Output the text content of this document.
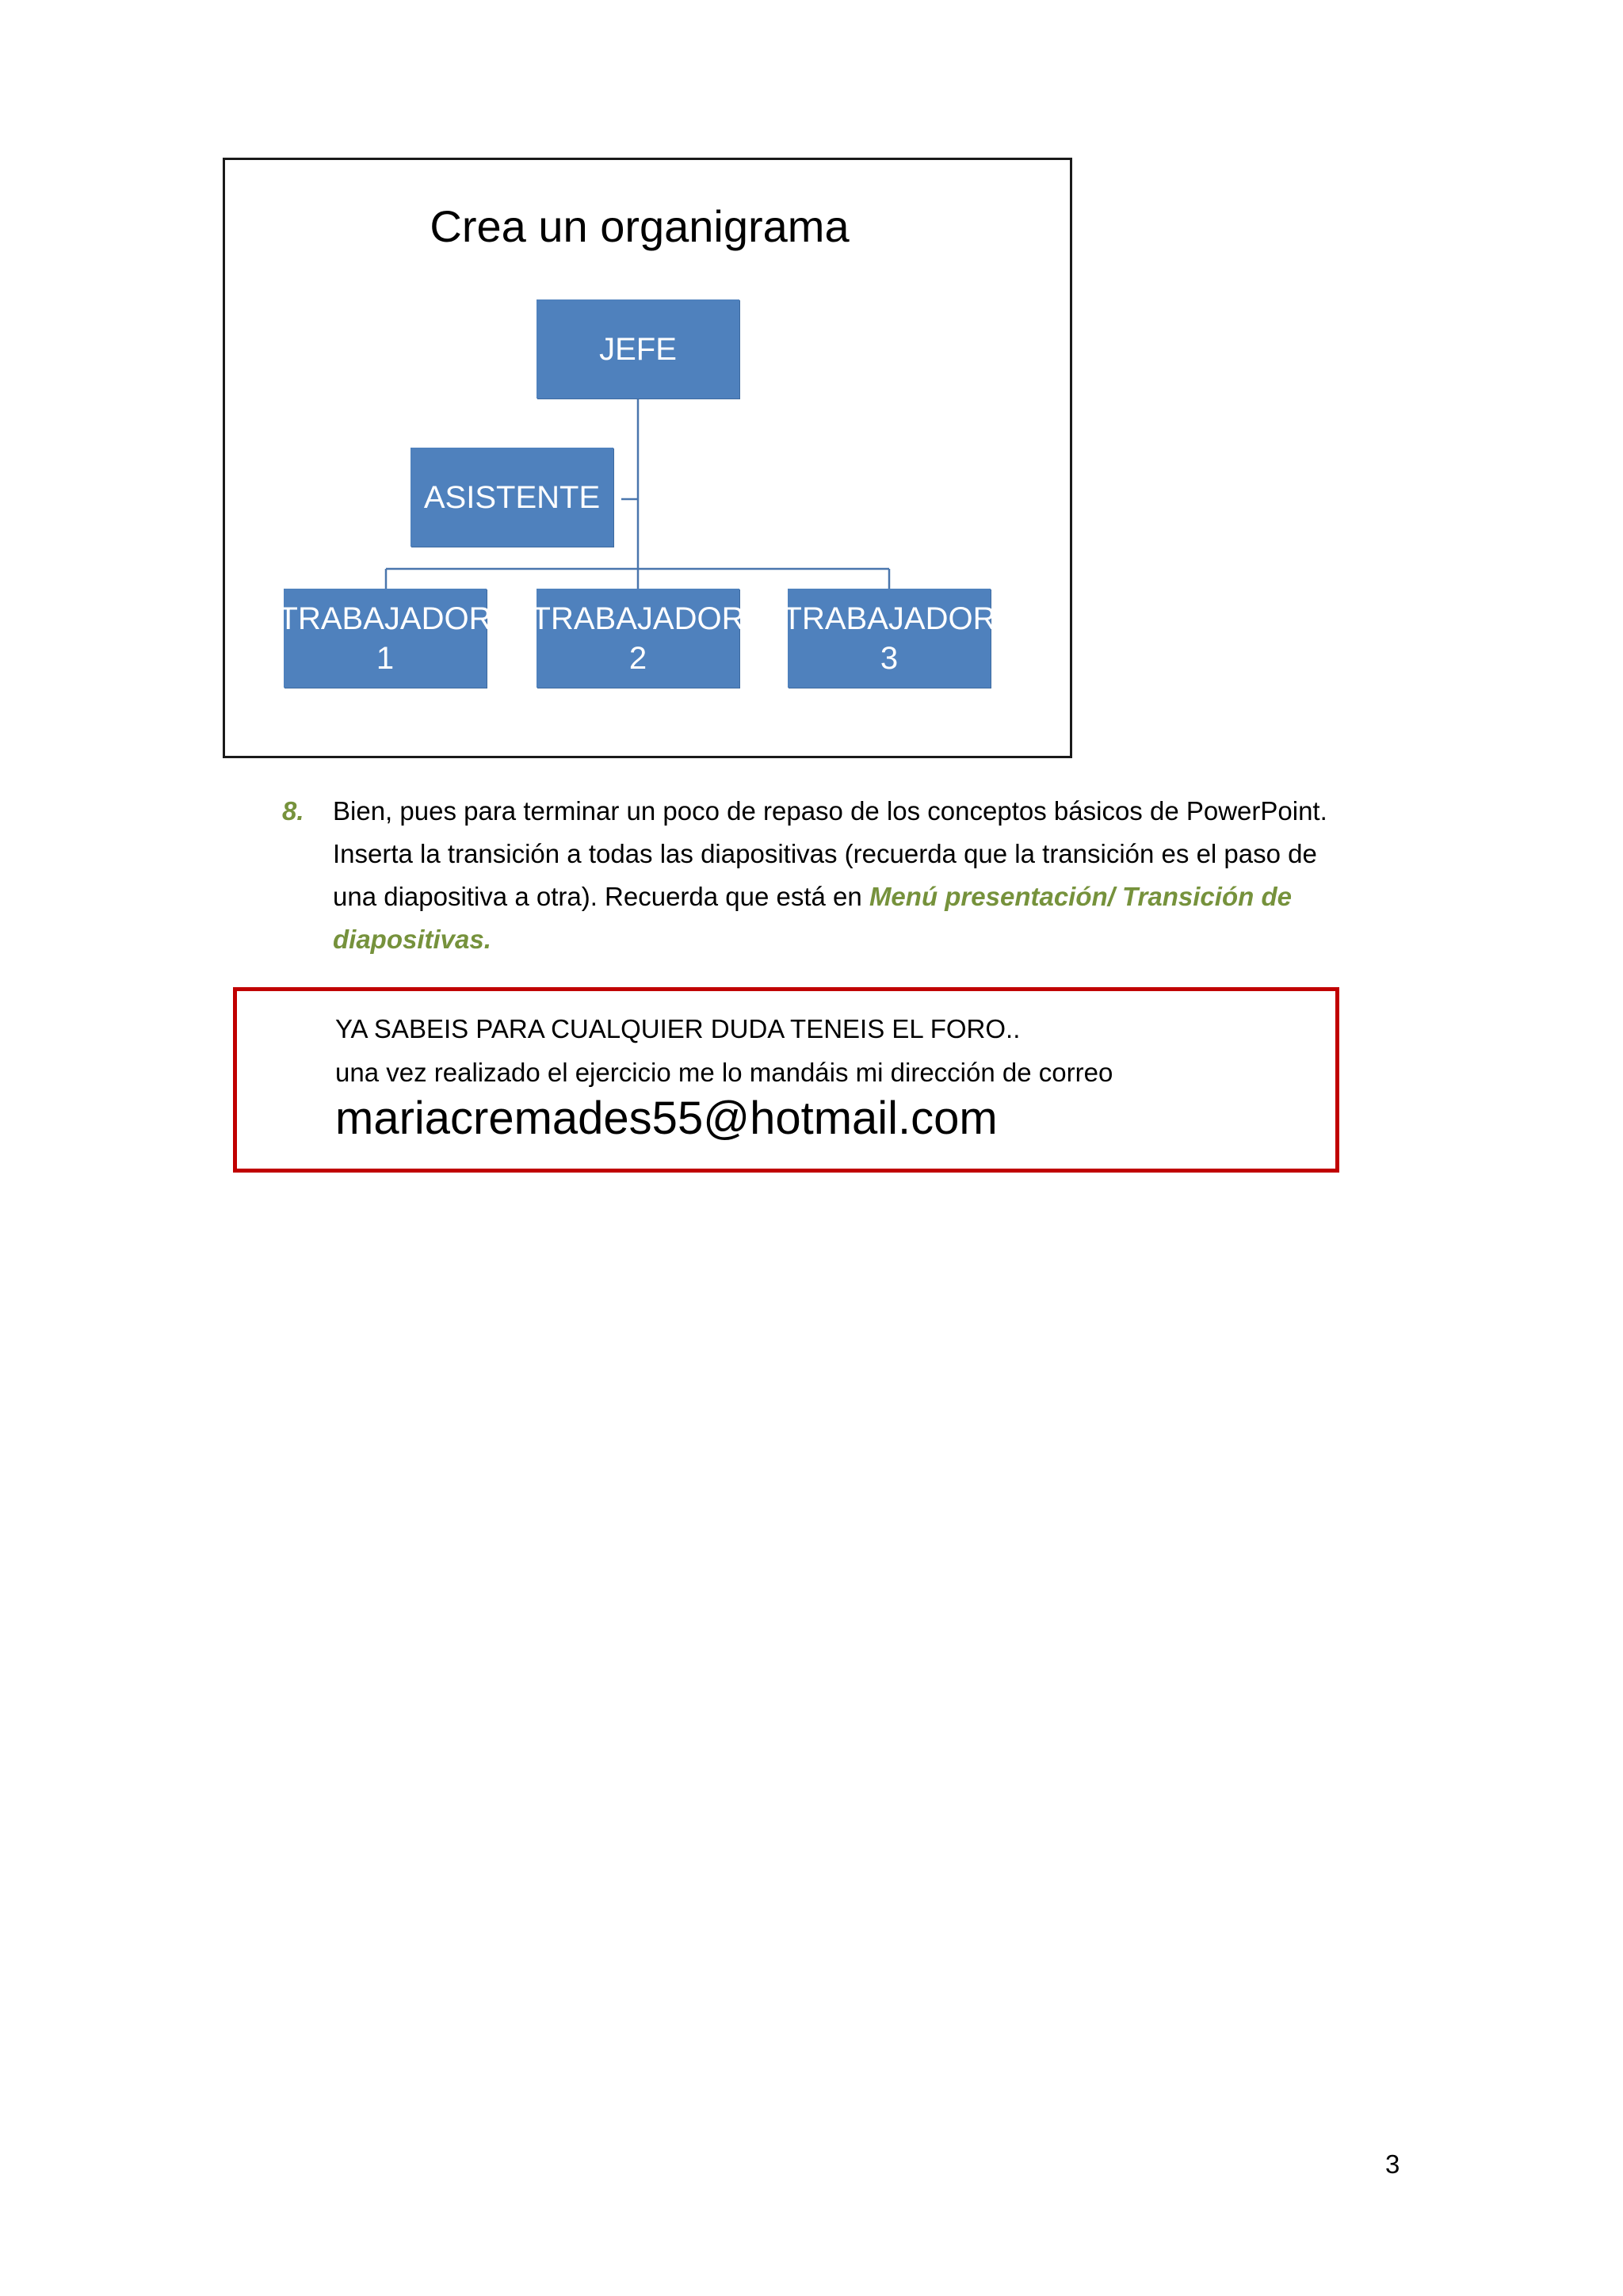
Crea un organigrama
JEFE
ASISTENTE
TRABAJADOR
1
TRABAJADOR
2
TRABAJADOR
3
8. Bien, pues para terminar un poco de repaso de los conceptos básicos de PowerPoint.
Inserta la transición a todas las diapositivas (recuerda que la transición es el paso de
una diapositiva a otra). Recuerda que está en Menú presentación/ Transición de
diapositivas.
YA SABEIS PARA CUALQUIER DUDA TENEIS EL FORO..
una vez realizado el ejercicio me lo mandáis mi dirección de correo
mariacremades55@hotmail.com
3
